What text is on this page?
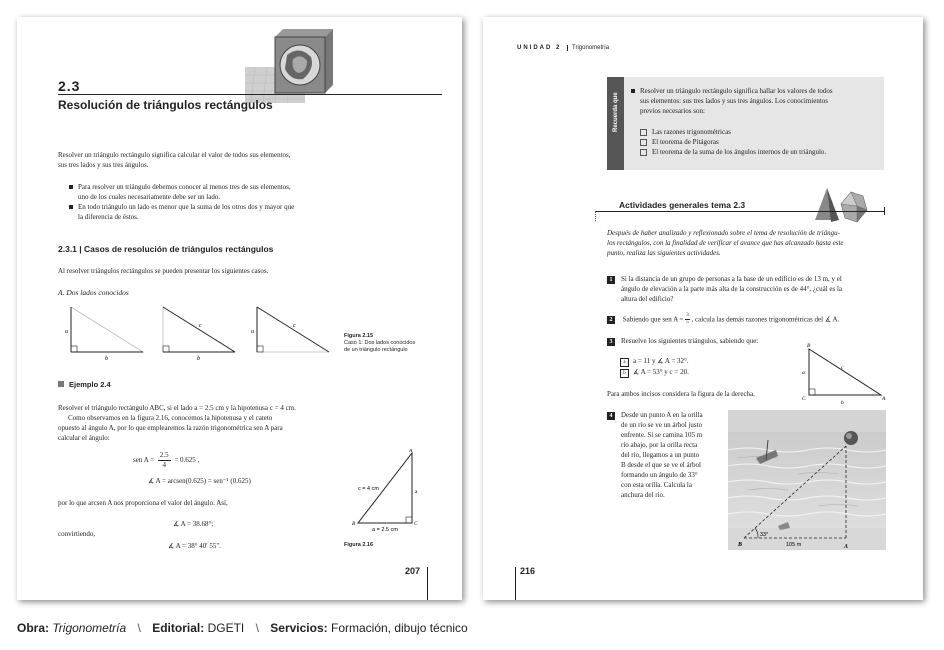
2.3
Resolución de triángulos rectángulos
Resolver un triángulo rectángulo significa calcular el valor de todos sus elementos,
sus tres lados y sus tres ángulos.
Para resolver un triángulo debemos conocer al menos tres de sus elementos,
uno de los cuales necesariamente debe ser un lado.
En todo triángulo un lado es menor que la suma de los otros dos y mayor que
la diferencia de éstos.
2.3.1 | Casos de resolución de triángulos rectángulos
Al resolver triángulos rectángulos se pueden presentar los siguientes casos.
A. Dos lados conocidos
a
b
c
b
a
c
Figura 2.15
Caso 1: Dos lados conocidos
de un triángulo rectángulo
Ejemplo 2.4
Resolver el triángulo rectángulo ABC, si el lado a = 2.5 cm y la hipotenusa c = 4 cm.
Como observamos en la figura 2.16, conocemos la hipotenusa y el cateto
opuesto al ángulo A, por lo que emplearemos la razón trigonométrica sen A para
calcular el ángulo:
sen $A = \frac{2.5}{4} = 0.625$ ,
∡ A = arcsen(0.625) = sen⁻¹ (0.625)
por lo que arcsen A nos proporciona el valor del ángulo. Así,
∡ A = 38.68°;
convirtiendo,
∡ A = 38° 40' 55".
A
B	C
a
c = 4 cm
a = 2.5 cm
Figura 2.16
207
UNIDAD 2 Trigonometría
Recuerda que
Resolver un triángulo rectángulo significa hallar los valores de todos
sus elementos: sus tres lados y sus tres ángulos. Los conocimientos
previos necesarios son:
Las razones trigonométricas
El teorema de Pitágoras
El teorema de la suma de los ángulos internos de un triángulo.
Actividades generales tema 2.3
Después de haber analizado y reflexionado sobre el tema de resolución de triángu-
los rectángulos, con la finalidad de verificar el avance que has alcanzado hasta este
punto, realiza las siguientes actividades.
1 Si la distancia de un grupo de personas a la base de un edificio es de 13 m, y el
ángulo de elevación a la parte más alta de la construcción es de 44°, ¿cuál es la
altura del edificio?
2 Sabiendo que sen $A = \frac{3}{5}$ , calcula las demás razones trigonométricas del ∡ A.
3 Resuelve los siguientes triángulos, sabiendo que:
a a = 11 y ∡ A = 32°.
b ∡ A = 53° y c = 20.
Para ambos incisos considera la figura de la derecha.
B
C	A
a
c
b
4 Desde un punto A en la orilla
de un río se ve un árbol justo
enfrente. Si se camina 105 m
río abajo, por la orilla recta
del río, llegamos a un punto
B desde el que se ve el árbol
formando un ángulo de 33°
con esta orilla. Calcula la
anchura del río.
B	A
33°
105 m
216
Obra: Trigonometría \ Editorial: DGETI \ Servicios: Formación, dibujo técnico
